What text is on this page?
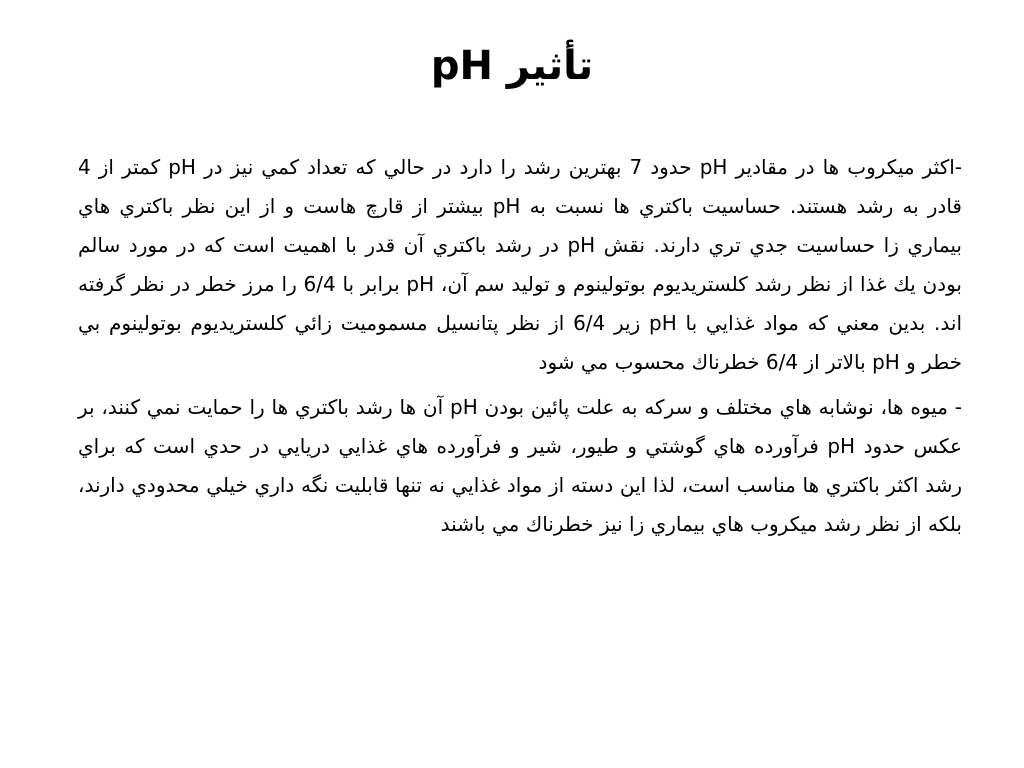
تأثير pH

-اكثر ميكروب ها در مقادير pH حدود 7 بهترين رشد را دارد در حالي كه تعداد كمي نيز در pH كمتر از 4 قادر به رشد هستند. حساسيت باكتري ها نسبت به pH بيشتر از قارچ هاست و از اين نظر باكتري هاي بيماري زا حساسيت جدي تري دارند. نقش pH در رشد باكتري آن قدر با اهميت است كه در مورد سالم بودن يك غذا از نظر رشد كلستريديوم بوتولينوم و توليد سم آن، pH برابر با 6/4 را مرز خطر در نظر گرفته اند. بدين معني كه مواد غذايي با pH زير 6/4 از نظر پتانسيل مسموميت زائي كلستريديوم بوتولينوم بي خطر و pH بالاتر از 6/4 خطرناك محسوب مي شود

- ميوه ها، نوشابه هاي مختلف و سركه به علت پائين بودن pH آن ها رشد باكتري ها را حمايت نمي كنند، بر عكس حدود pH فرآورده هاي گوشتي و طيور، شير و فرآورده هاي غذايي دريايي در حدي است كه براي رشد اكثر باكتري ها مناسب است، لذا اين دسته از مواد غذايي نه تنها قابليت نگه داري خيلي محدودي دارند، بلكه از نظر رشد ميكروب هاي بيماري زا نيز خطرناك مي باشند
